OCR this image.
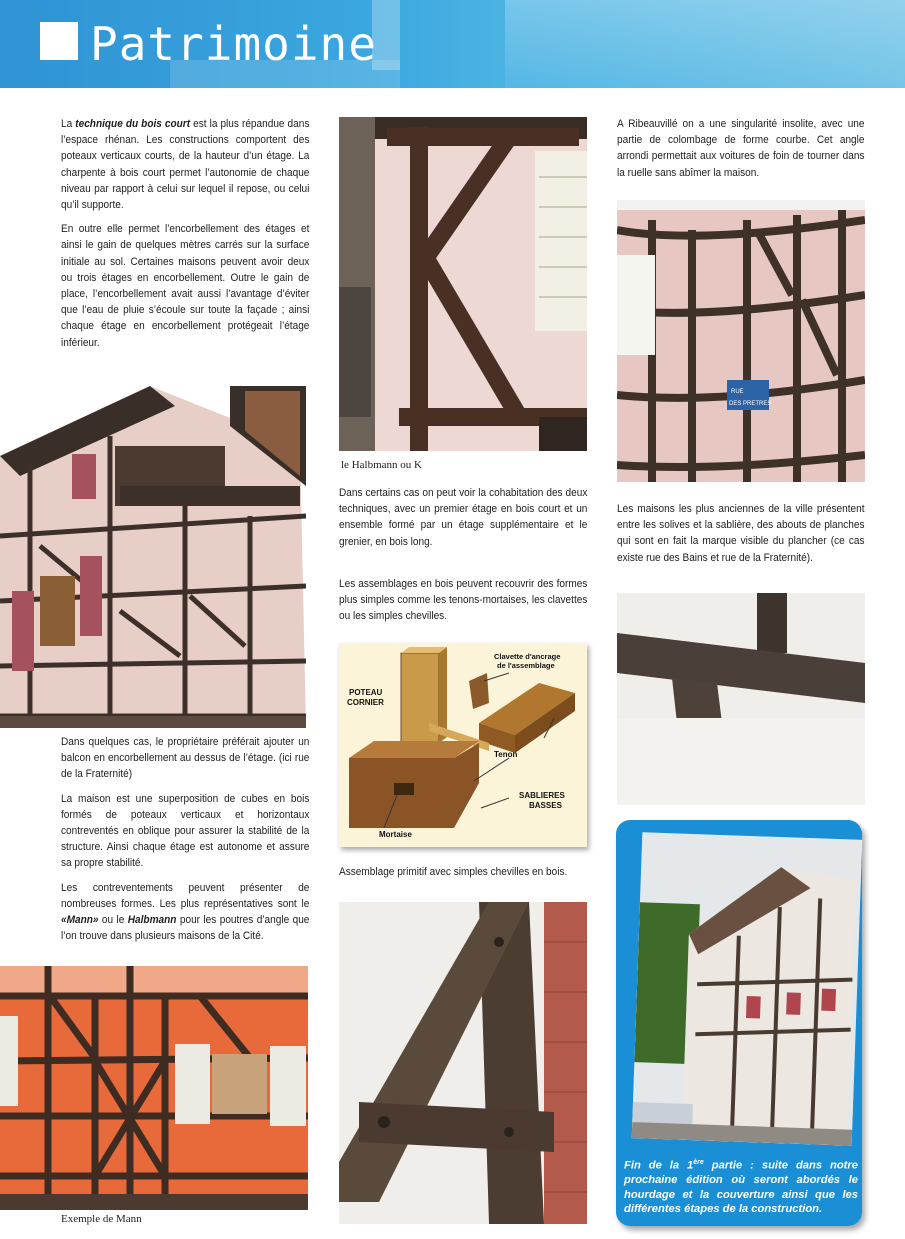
Patrimoine

La technique du bois court est la plus répandue dans l’espace rhénan. Les constructions comportent des poteaux verticaux courts, de la hauteur d’un étage. La charpente à bois court permet l’autonomie de chaque niveau par rapport à celui sur lequel il repose, ou celui qu’il supporte.

En outre elle permet l’encorbellement des étages et ainsi le gain de quelques mètres carrés sur la surface initiale au sol. Certaines maisons peuvent avoir deux ou trois étages en encorbellement. Outre le gain de place, l’encorbellement avait aussi l’avantage d’éviter que l’eau de pluie s’écoule sur toute la façade ; ainsi chaque étage en encorbellement protégeait l’étage inférieur.

Dans quelques cas, le propriétaire préférait ajouter un balcon en encorbellement au dessus de l’étage. (ici rue de la Fraternité)

La maison est une superposition de cubes en bois formés de poteaux verticaux et horizontaux contreventés en oblique pour assurer la stabilité de la structure. Ainsi chaque étage est autonome et assure sa propre stabilité.

Les contreventements peuvent présenter de nombreuses formes. Les plus représentatives sont le «Mann» ou le Halbmann pour les poutres d’angle que l’on trouve dans plusieurs maisons de la Cité.

Exemple de Mann
le Halbmann ou K

Dans certains cas on peut voir la cohabitation des deux techniques, avec un premier étage en bois court et un ensemble formé par un étage supplémentaire et le grenier, en bois long.

Les assemblages en bois peuvent recouvrir des formes plus simples comme les tenons-mortaises, les clavettes ou les simples chevilles.

POTEAU
CORNIER
Clavette d'ancrage
de l'assemblage
Tenon
SABLIERES
BASSES
Mortaise
Assemblage primitif avec simples chevilles en bois.
A Ribeauvillé on a une singularité insolite, avec une partie de colombage de forme courbe. Cet angle arrondi permettait aux voitures de foin de tourner dans la ruelle sans abîmer la maison.
RUE
DES PRETRES
Les maisons les plus anciennes de la ville présentent entre les solives et la sablière, des abouts de planches qui sont en fait la marque visible du plancher (ce cas existe rue des Bains et rue de la Fraternité).
Fin de la 1ère partie : suite dans notre prochaine édition où seront abordés le hourdage et la couverture ainsi que les différentes étapes de la construction.
